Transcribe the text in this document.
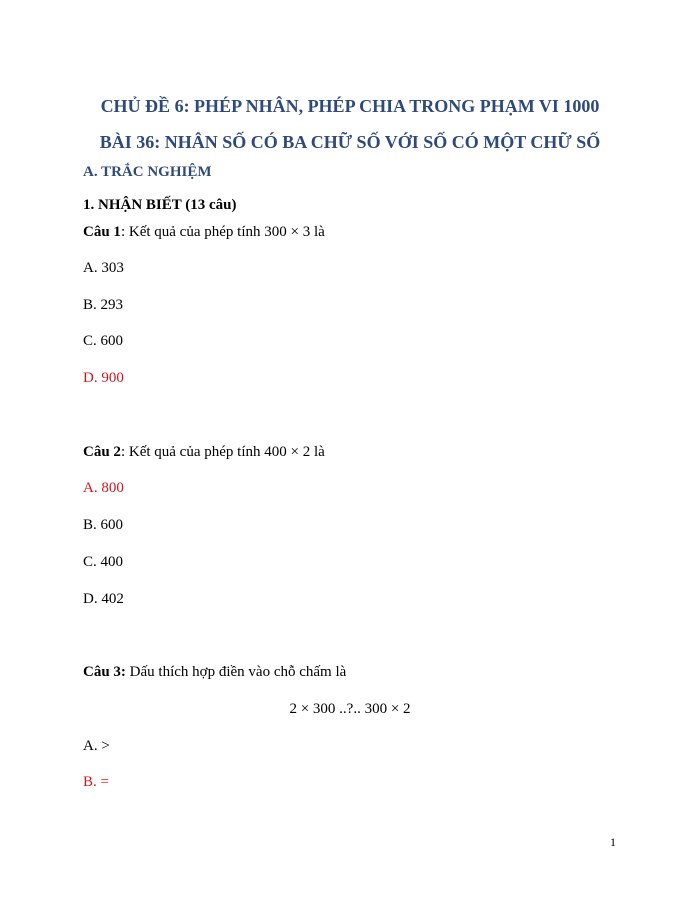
CHỦ ĐỀ 6: PHÉP NHÂN, PHÉP CHIA TRONG PHẠM VI 1000
BÀI 36: NHÂN SỐ CÓ BA CHỮ SỐ VỚI SỐ CÓ MỘT CHỮ SỐ
A. TRẮC NGHIỆM
1. NHẬN BIẾT (13 câu)
Câu 1: Kết quả của phép tính 300 × 3 là
A. 303
B. 293
C. 600
D. 900
Câu 2: Kết quả của phép tính 400 × 2 là
A. 800
B. 600
C. 400
D. 402
Câu 3: Dấu thích hợp điền vào chỗ chấm là
2 × 300 ..?.. 300 × 2
A. >
B. =
1
